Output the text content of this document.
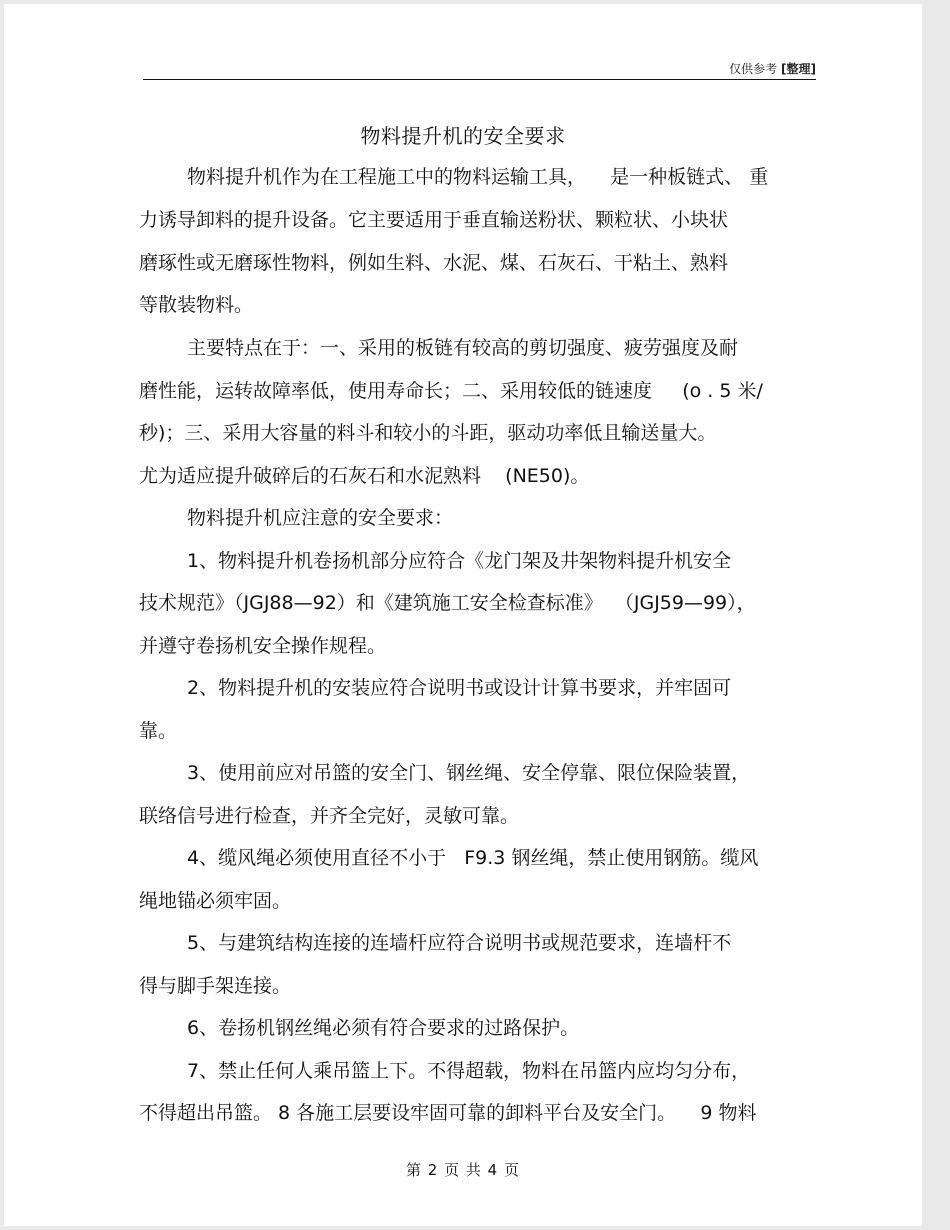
仅供参考 [整理]
物料提升机的安全要求
物料提升机作为在工程施工中的物料运输工具，    是一种板链式、 重
力诱导卸料的提升设备。它主要适用于垂直输送粉状、颗粒状、小块状
磨琢性或无磨琢性物料，例如生料、水泥、煤、石灰石、干粘土、熟料
等散装物料。
主要特点在于：一、采用的板链有较高的剪切强度、疲劳强度及耐
磨性能，运转故障率低，使用寿命长；二、采用较低的链速度     (o . 5 米/
秒)；三、采用大容量的料斗和较小的斗距，驱动功率低且输送量大。
尤为适应提升破碎后的石灰石和水泥熟料    (NE50)。
物料提升机应注意的安全要求：
1、物料提升机卷扬机部分应符合《龙门架及井架物料提升机安全
技术规范》（JGJ88—92）和《建筑施工安全检查标准》  （JGJ59—99），
并遵守卷扬机安全操作规程。
2、物料提升机的安装应符合说明书或设计计算书要求，并牢固可
靠。
3、使用前应对吊篮的安全门、钢丝绳、安全停靠、限位保险装置，
联络信号进行检查，并齐全完好，灵敏可靠。
4、缆风绳必须使用直径不小于   F9.3 钢丝绳，禁止使用钢筋。缆风
绳地锚必须牢固。
5、与建筑结构连接的连墙杆应符合说明书或规范要求，连墙杆不
得与脚手架连接。
6、卷扬机钢丝绳必须有符合要求的过路保护。
7、禁止任何人乘吊篮上下。不得超载，物料在吊篮内应均匀分布，
不得超出吊篮。 8 各施工层要设牢固可靠的卸料平台及安全门。    9 物料
第 2 页 共 4 页
